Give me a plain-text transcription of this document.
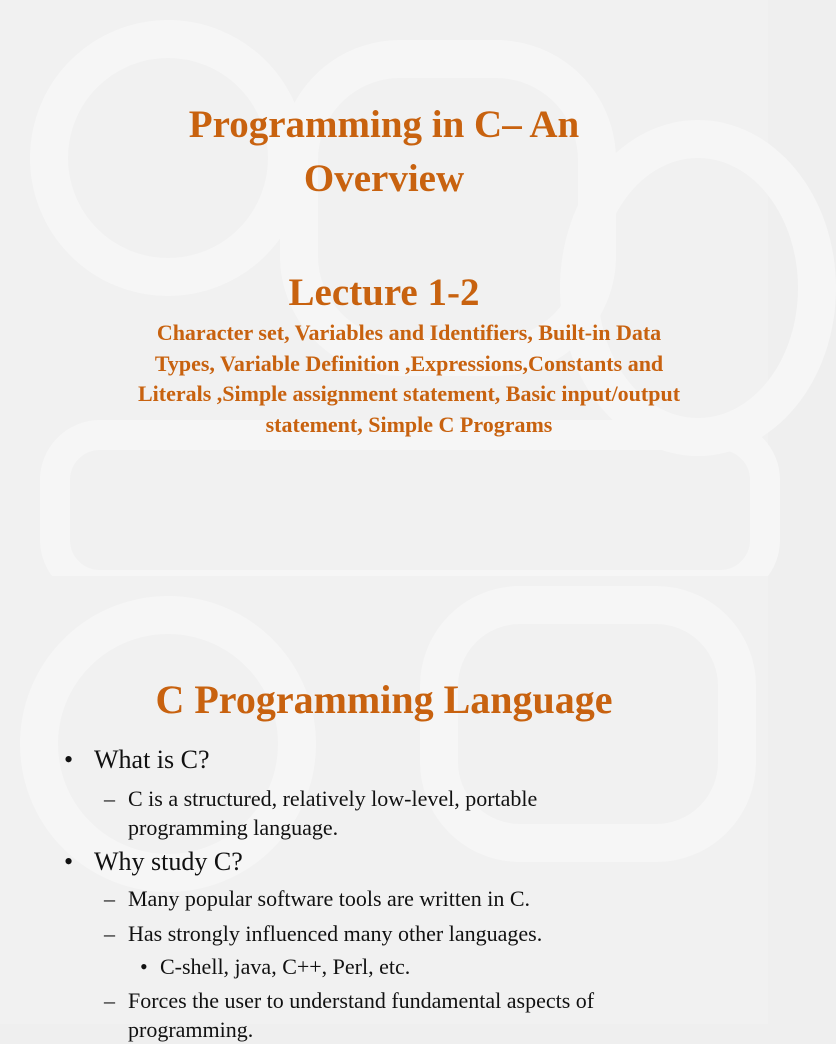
Programming in C– An
Overview
Lecture 1-2
Character set, Variables and Identifiers, Built-in Data
Types, Variable Definition ,Expressions,Constants and
Literals ,Simple assignment statement, Basic input/output
statement, Simple C Programs
C Programming Language
• What is C?
– C is a structured, relatively low-level, portable
programming language.
• Why study C?
– Many popular software tools are written in C.
– Has strongly influenced many other languages.
• C-shell, java, C++, Perl, etc.
– Forces the user to understand fundamental aspects of
programming.
